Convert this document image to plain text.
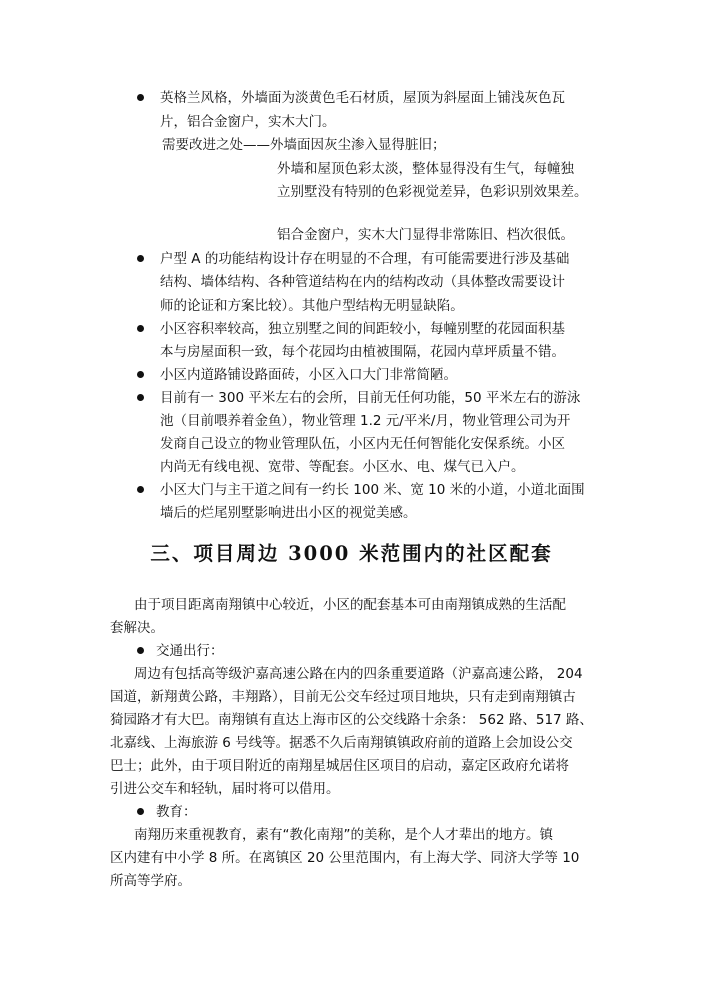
英格兰风格，外墙面为淡黄色毛石材质，屋顶为斜屋面上铺浅灰色瓦

片，铝合金窗户，实木大门。

需要改进之处——外墙面因灰尘渗入显得脏旧；

外墙和屋顶色彩太淡，整体显得没有生气，每幢独

立别墅没有特别的色彩视觉差异，色彩识别效果差。

铝合金窗户，实木大门显得非常陈旧、档次很低。

户型 A 的功能结构设计存在明显的不合理，有可能需要进行涉及基础

结构、墙体结构、各种管道结构在内的结构改动（具体整改需要设计

师的论证和方案比较）。其他户型结构无明显缺陷。

小区容积率较高，独立别墅之间的间距较小，每幢别墅的花园面积基

本与房屋面积一致，每个花园均由植被围隔，花园内草坪质量不错。

小区内道路铺设路面砖，小区入口大门非常简陋。

目前有一 300 平米左右的会所，目前无任何功能，50 平米左右的游泳

池（目前喂养着金鱼），物业管理 1.2 元/平米/月，物业管理公司为开

发商自己设立的物业管理队伍，小区内无任何智能化安保系统。小区

内尚无有线电视、宽带、等配套。小区水、电、煤气已入户。

小区大门与主干道之间有一约长 100 米、宽 10 米的小道，小道北面围

墙后的烂尾别墅影响进出小区的视觉美感。

三、项目周边 3000 米范围内的社区配套

由于项目距离南翔镇中心较近，小区的配套基本可由南翔镇成熟的生活配

套解决。

交通出行：

周边有包括高等级沪嘉高速公路在内的四条重要道路（沪嘉高速公路， 204

国道，新翔黄公路，丰翔路），目前无公交车经过项目地块，只有走到南翔镇古

猗园路才有大巴。南翔镇有直达上海市区的公交线路十余条： 562 路、517 路、

北嘉线、上海旅游 6 号线等。据悉不久后南翔镇镇政府前的道路上会加设公交

巴士；此外，由于项目附近的南翔星城居住区项目的启动，嘉定区政府允诺将

引进公交车和轻轨，届时将可以借用。

教育：

南翔历来重视教育，素有“教化南翔”的美称，是个人才辈出的地方。镇

区内建有中小学 8 所。在离镇区 20 公里范围内，有上海大学、同济大学等 10

所高等学府。
